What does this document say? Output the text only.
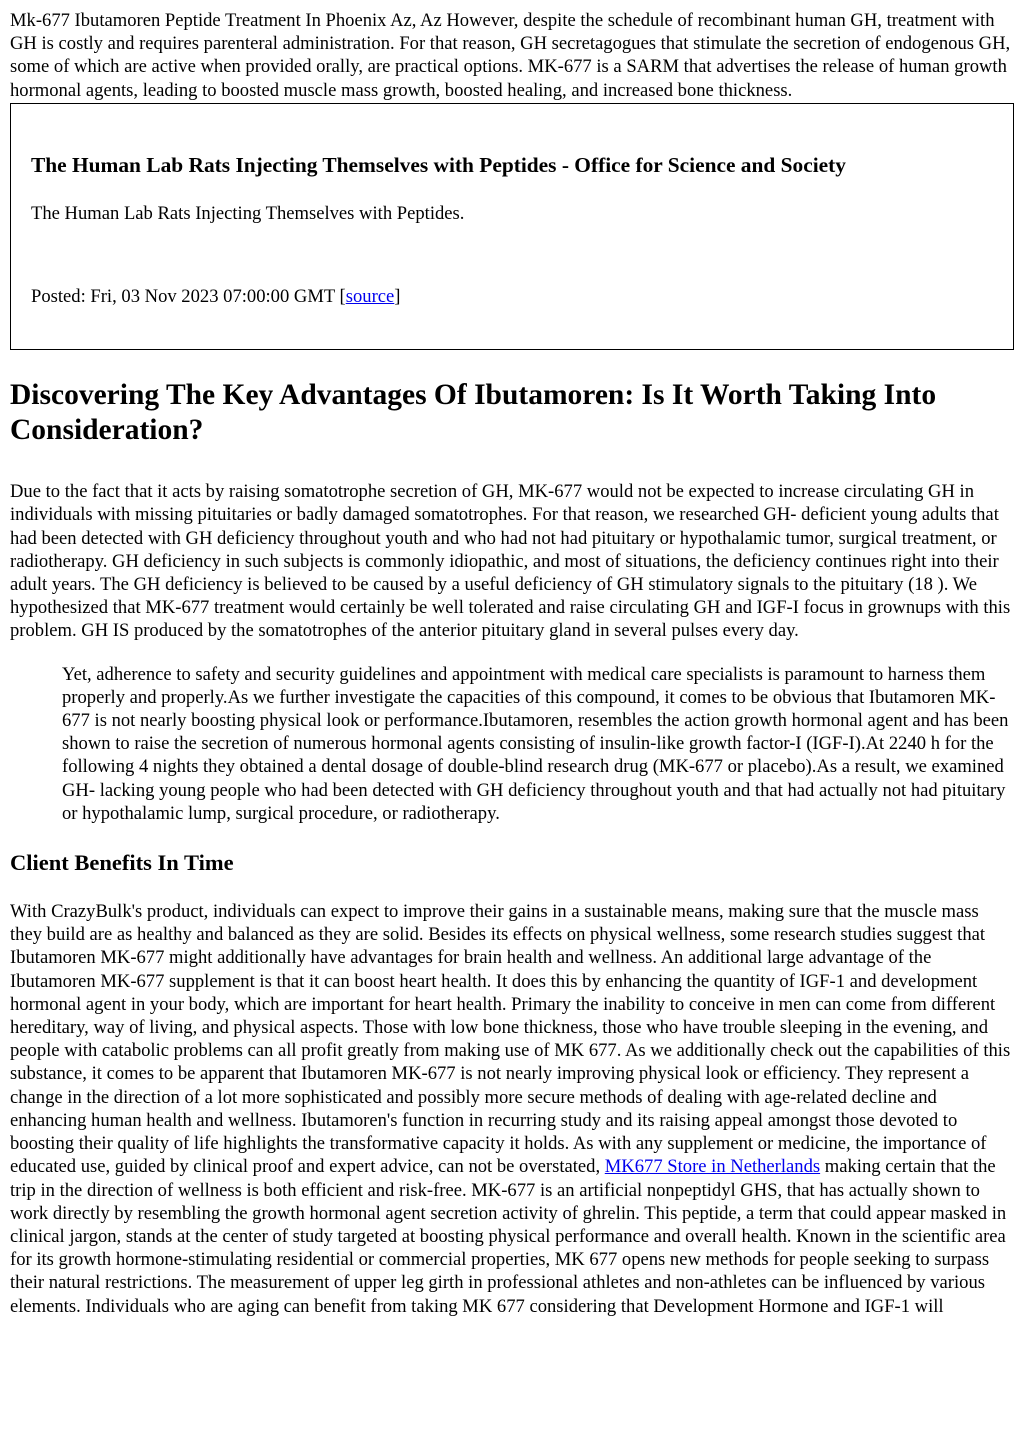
Mk-677 Ibutamoren Peptide Treatment In Phoenix Az, Az However, despite the schedule of recombinant human GH, treatment with GH is costly and requires parenteral administration. For that reason, GH secretagogues that stimulate the secretion of endogenous GH, some of which are active when provided orally, are practical options. MK-677 is a SARM that advertises the release of human growth hormonal agents, leading to boosted muscle mass growth, boosted healing, and increased bone thickness.

The Human Lab Rats Injecting Themselves with Peptides - Office for Science and Society

The Human Lab Rats Injecting Themselves with Peptides.

Posted: Fri, 03 Nov 2023 07:00:00 GMT [source]

Discovering The Key Advantages Of Ibutamoren: Is It Worth Taking Into Consideration?

Due to the fact that it acts by raising somatotrophe secretion of GH, MK-677 would not be expected to increase circulating GH in individuals with missing pituitaries or badly damaged somatotrophes. For that reason, we researched GH- deficient young adults that had been detected with GH deficiency throughout youth and who had not had pituitary or hypothalamic tumor, surgical treatment, or radiotherapy. GH deficiency in such subjects is commonly idiopathic, and most of situations, the deficiency continues right into their adult years. The GH deficiency is believed to be caused by a useful deficiency of GH stimulatory signals to the pituitary (18 ). We hypothesized that MK-677 treatment would certainly be well tolerated and raise circulating GH and IGF-I focus in grownups with this problem. GH IS produced by the somatotrophes of the anterior pituitary gland in several pulses every day.

Yet, adherence to safety and security guidelines and appointment with medical care specialists is paramount to harness them properly and properly.As we further investigate the capacities of this compound, it comes to be obvious that Ibutamoren MK-677 is not nearly boosting physical look or performance.Ibutamoren, resembles the action growth hormonal agent and has been shown to raise the secretion of numerous hormonal agents consisting of insulin-like growth factor-I (IGF-I).At 2240 h for the following 4 nights they obtained a dental dosage of double-blind research drug (MK-677 or placebo).As a result, we examined GH- lacking young people who had been detected with GH deficiency throughout youth and that had actually not had pituitary or hypothalamic lump, surgical procedure, or radiotherapy.
Client Benefits In Time

With CrazyBulk's product, individuals can expect to improve their gains in a sustainable means, making sure that the muscle mass they build are as healthy and balanced as they are solid. Besides its effects on physical wellness, some research studies suggest that Ibutamoren MK-677 might additionally have advantages for brain health and wellness. An additional large advantage of the Ibutamoren MK-677 supplement is that it can boost heart health. It does this by enhancing the quantity of IGF-1 and development hormonal agent in your body, which are important for heart health. Primary the inability to conceive in men can come from different hereditary, way of living, and physical aspects. Those with low bone thickness, those who have trouble sleeping in the evening, and people with catabolic problems can all profit greatly from making use of MK 677. As we additionally check out the capabilities of this substance, it comes to be apparent that Ibutamoren MK-677 is not nearly improving physical look or efficiency. They represent a change in the direction of a lot more sophisticated and possibly more secure methods of dealing with age-related decline and enhancing human health and wellness. Ibutamoren's function in recurring study and its raising appeal amongst those devoted to boosting their quality of life highlights the transformative capacity it holds. As with any supplement or medicine, the importance of educated use, guided by clinical proof and expert advice, can not be overstated, MK677 Store in Netherlands making certain that the trip in the direction of wellness is both efficient and risk-free. MK-677 is an artificial nonpeptidyl GHS, that has actually shown to work directly by resembling the growth hormonal agent secretion activity of ghrelin. This peptide, a term that could appear masked in clinical jargon, stands at the center of study targeted at boosting physical performance and overall health. Known in the scientific area for its growth hormone-stimulating residential or commercial properties, MK 677 opens new methods for people seeking to surpass their natural restrictions. The measurement of upper leg girth in professional athletes and non-athletes can be influenced by various elements. Individuals who are aging can benefit from taking MK 677 considering that Development Hormone and IGF-1 will
